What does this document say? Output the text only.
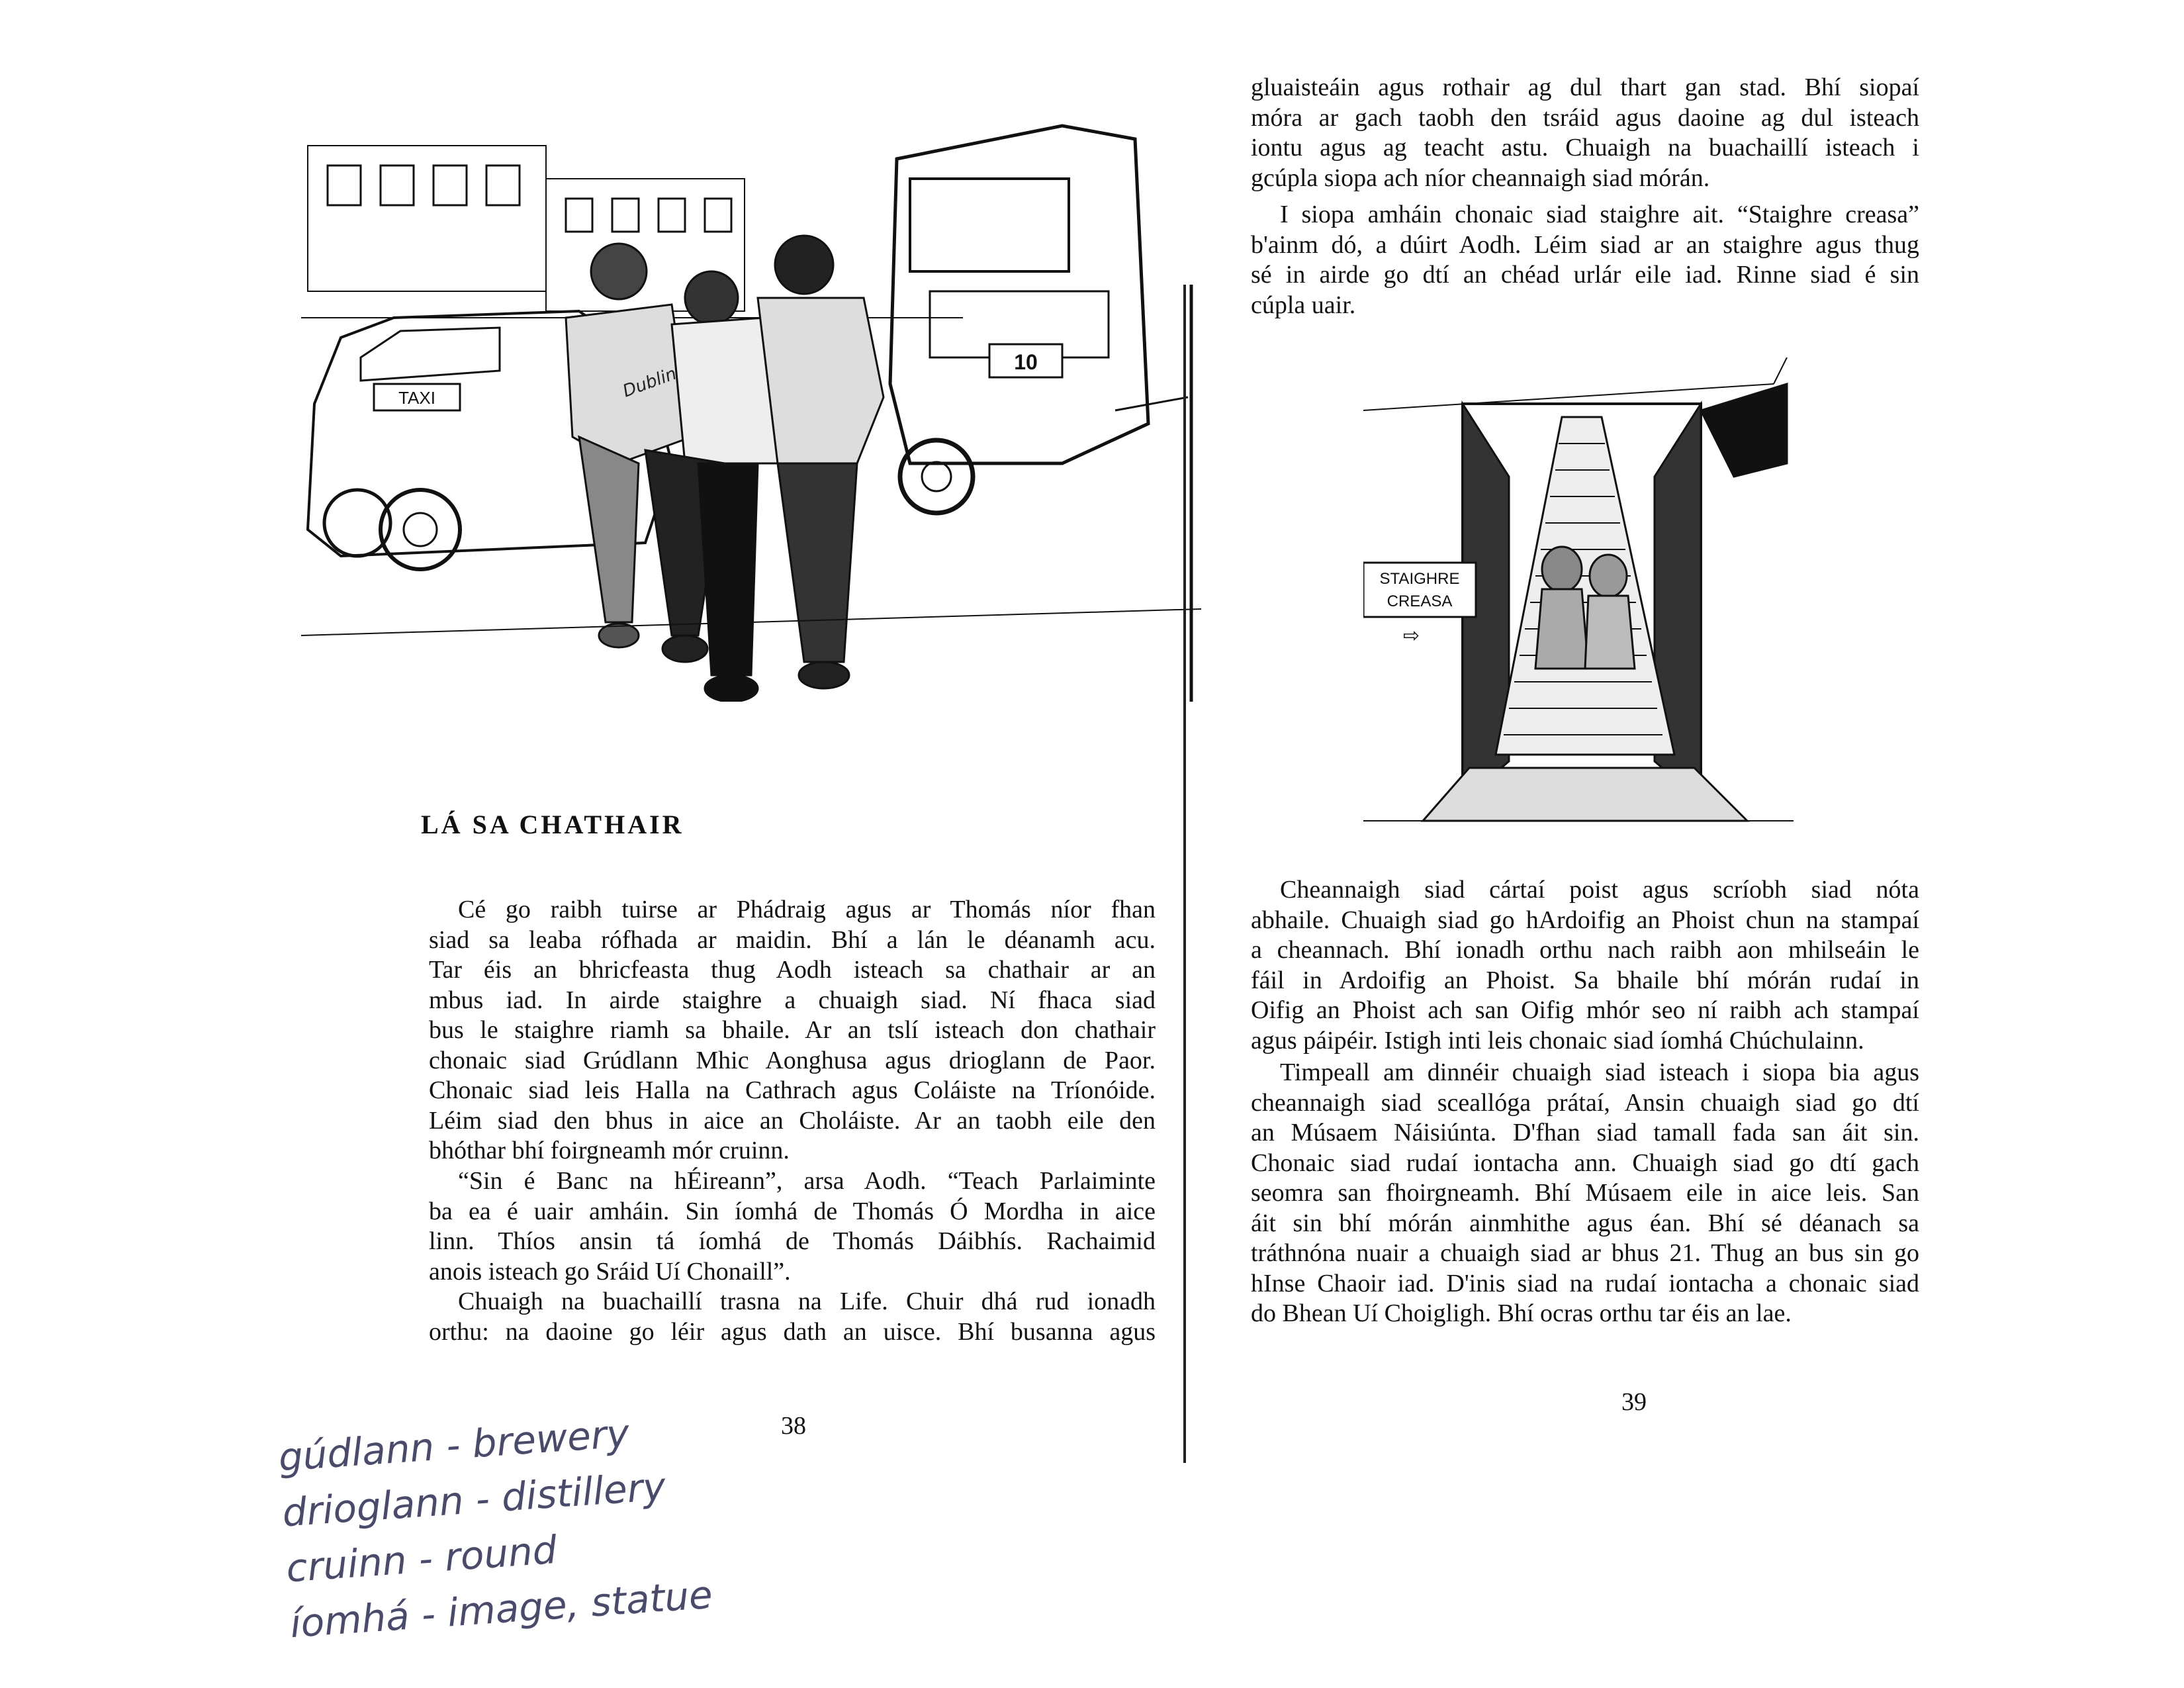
TAXI
10
Dublin
LÁ SA CHATHAIR
Cé go raibh tuirse ar Phádraig agus ar Thomás níor fhan
siad sa leaba rófhada ar maidin. Bhí a lán le déanamh acu.
Tar éis an bhricfeasta thug Aodh isteach sa chathair ar an
mbus iad. In airde staighre a chuaigh siad. Ní fhaca siad
bus le staighre riamh sa bhaile. Ar an tslí isteach don chathair
chonaic siad Grúdlann Mhic Aonghusa agus drioglann de Paor.
Chonaic siad leis Halla na Cathrach agus Coláiste na Tríonóide.
Léim siad den bhus in aice an Choláiste. Ar an taobh eile den
bhóthar bhí foirgneamh mór cruinn.
“Sin é Banc na hÉireann”, arsa Aodh. “Teach Parlaiminte
ba ea é uair amháin. Sin íomhá de Thomás Ó Mordha in aice
linn. Thíos ansin tá íomhá de Thomás Dáibhís. Rachaimid
anois isteach go Sráid Uí Chonaill”.
Chuaigh na buachaillí trasna na Life. Chuir dhá rud ionadh
orthu: na daoine go léir agus dath an uisce. Bhí busanna agus
38
gúdlann - brewery
drioglann - distillery
cruinn - round
íomhá - image, statue
gluaisteáin agus rothair ag dul thart gan stad. Bhí siopaí
móra ar gach taobh den tsráid agus daoine ag dul isteach
iontu agus ag teacht astu. Chuaigh na buachaillí isteach i
gcúpla siopa ach níor cheannaigh siad mórán.
I siopa amháin chonaic siad staighre ait. “Staighre creasa”
b'ainm dó, a dúirt Aodh. Léim siad ar an staighre agus thug
sé in airde go dtí an chéad urlár eile iad. Rinne siad é sin
cúpla uair.
STAIGHRE
CREASA
⇨
Cheannaigh siad cártaí poist agus scríobh siad nóta
abhaile. Chuaigh siad go hArdoifig an Phoist chun na stampaí
a cheannach. Bhí ionadh orthu nach raibh aon mhilseáin le
fáil in Ardoifig an Phoist. Sa bhaile bhí mórán rudaí in
Oifig an Phoist ach san Oifig mhór seo ní raibh ach stampaí
agus páipéir. Istigh inti leis chonaic siad íomhá Chúchulainn.
Timpeall am dinnéir chuaigh siad isteach i siopa bia agus
cheannaigh siad sceallóga prátaí, Ansin chuaigh siad go dtí
an Músaem Náisiúnta. D'fhan siad tamall fada san áit sin.
Chonaic siad rudaí iontacha ann. Chuaigh siad go dtí gach
seomra san fhoirgneamh. Bhí Músaem eile in aice leis. San
áit sin bhí mórán ainmhithe agus éan. Bhí sé déanach sa
tráthnóna nuair a chuaigh siad ar bhus 21. Thug an bus sin go
hInse Chaoir iad. D'inis siad na rudaí iontacha a chonaic siad
do Bhean Uí Choigligh. Bhí ocras orthu tar éis an lae.
39
